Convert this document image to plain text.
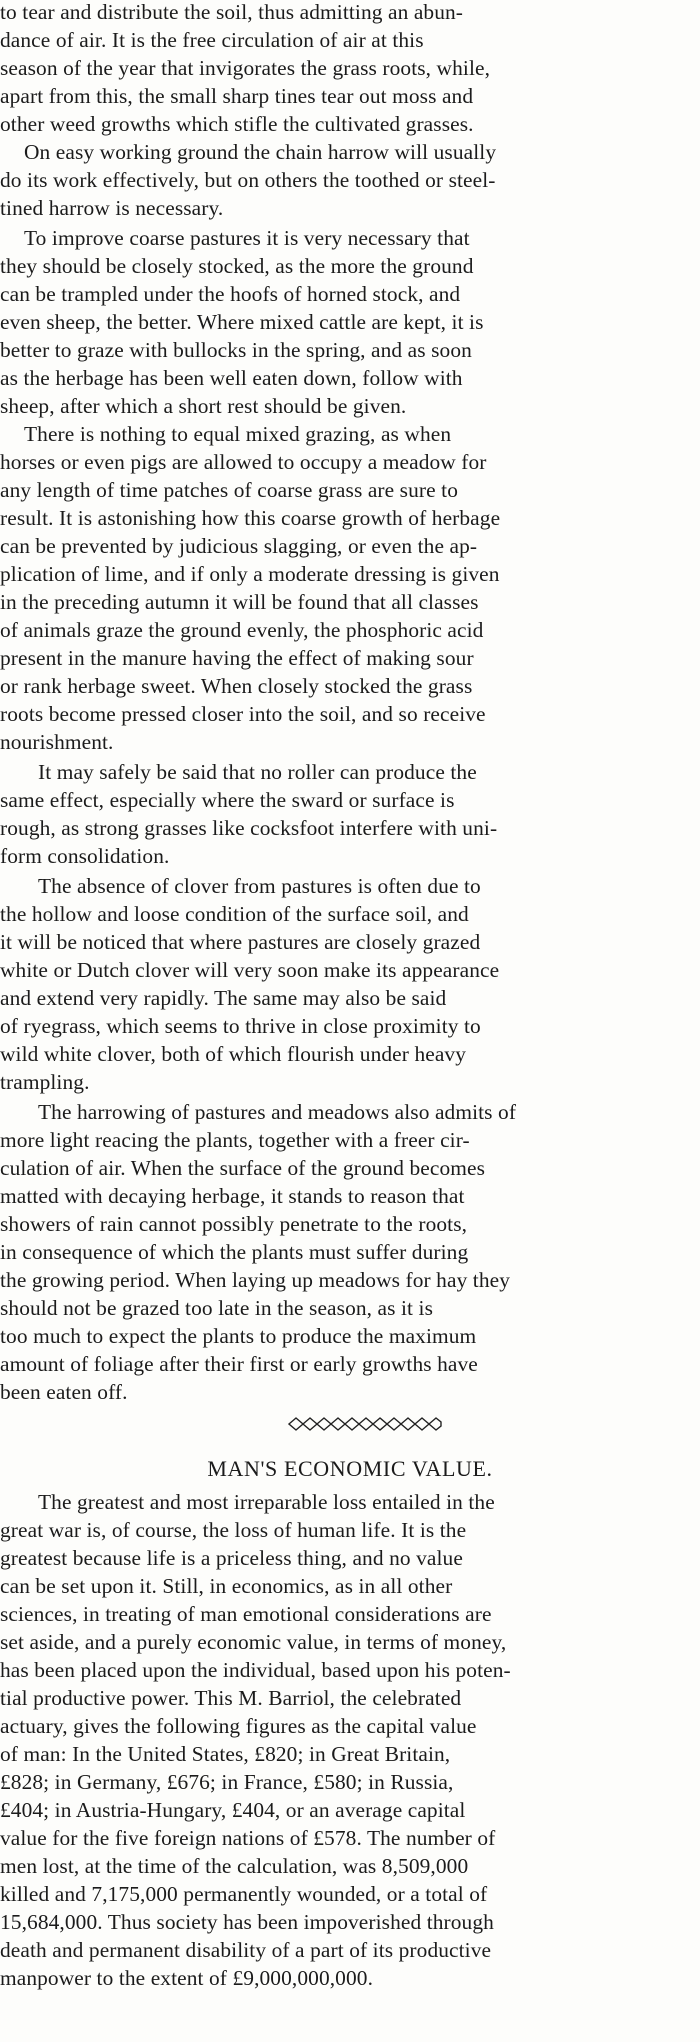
to tear and distribute the soil, thus admitting an abun-
dance of air. It is the free circulation of air at this
season of the year that invigorates the grass roots, while,
apart from this, the small sharp tines tear out moss and
other weed growths which stifle the cultivated grasses.
On easy working ground the chain harrow will usually
do its work effectively, but on others the toothed or steel-
tined harrow is necessary.
To improve coarse pastures it is very necessary that
they should be closely stocked, as the more the ground
can be trampled under the hoofs of horned stock, and
even sheep, the better. Where mixed cattle are kept, it is
better to graze with bullocks in the spring, and as soon
as the herbage has been well eaten down, follow with
sheep, after which a short rest should be given.
There is nothing to equal mixed grazing, as when
horses or even pigs are allowed to occupy a meadow for
any length of time patches of coarse grass are sure to
result. It is astonishing how this coarse growth of herbage
can be prevented by judicious slagging, or even the ap-
plication of lime, and if only a moderate dressing is given
in the preceding autumn it will be found that all classes
of animals graze the ground evenly, the phosphoric acid
present in the manure having the effect of making sour
or rank herbage sweet. When closely stocked the grass
roots become pressed closer into the soil, and so receive
nourishment.
It may safely be said that no roller can produce the
same effect, especially where the sward or surface is
rough, as strong grasses like cocksfoot interfere with uni-
form consolidation.
The absence of clover from pastures is often due to
the hollow and loose condition of the surface soil, and
it will be noticed that where pastures are closely grazed
white or Dutch clover will very soon make its appearance
and extend very rapidly. The same may also be said
of ryegrass, which seems to thrive in close proximity to
wild white clover, both of which flourish under heavy
trampling.
The harrowing of pastures and meadows also admits of
more light reacing the plants, together with a freer cir-
culation of air. When the surface of the ground becomes
matted with decaying herbage, it stands to reason that
showers of rain cannot possibly penetrate to the roots,
in consequence of which the plants must suffer during
the growing period. When laying up meadows for hay they
should not be grazed too late in the season, as it is
too much to expect the plants to produce the maximum
amount of foliage after their first or early growths have
been eaten off.
MAN'S ECONOMIC VALUE.
The greatest and most irreparable loss entailed in the
great war is, of course, the loss of human life. It is the
greatest because life is a priceless thing, and no value
can be set upon it. Still, in economics, as in all other
sciences, in treating of man emotional considerations are
set aside, and a purely economic value, in terms of money,
has been placed upon the individual, based upon his poten-
tial productive power. This M. Barriol, the celebrated
actuary, gives the following figures as the capital value
of man: In the United States, £820; in Great Britain,
£828; in Germany, £676; in France, £580; in Russia,
£404; in Austria-Hungary, £404, or an average capital
value for the five foreign nations of £578. The number of
men lost, at the time of the calculation, was 8,509,000
killed and 7,175,000 permanently wounded, or a total of
15,684,000. Thus society has been impoverished through
death and permanent disability of a part of its productive
manpower to the extent of £9,000,000,000.
